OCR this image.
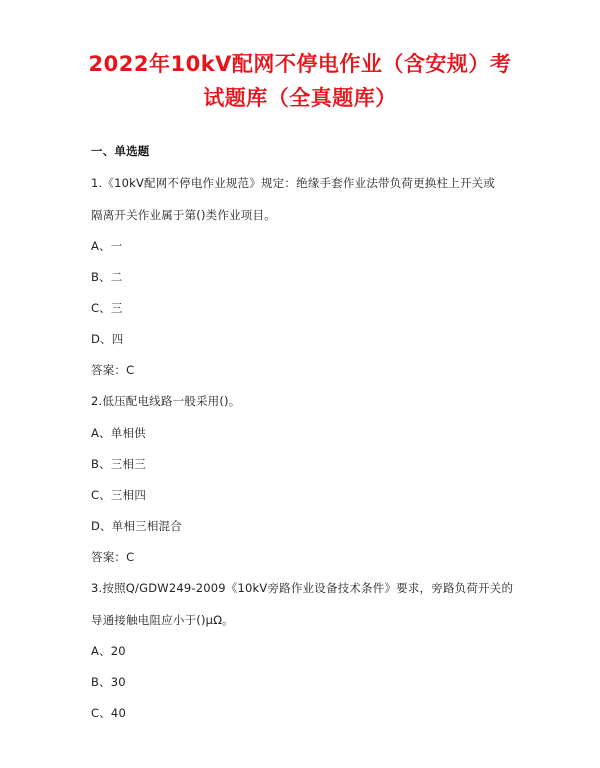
2022年10kV配网不停电作业（含安规）考
试题库（全真题库）
一、单选题
1.《10kV配网不停电作业规范》规定：绝缘手套作业法带负荷更换柱上开关或
隔离开关作业属于第()类作业项目。
A、一
B、二
C、三
D、四
答案：C
2.低压配电线路一般采用()。
A、单相供
B、三相三
C、三相四
D、单相三相混合
答案：C
3.按照Q/GDW249-2009《10kV旁路作业设备技术条件》要求，旁路负荷开关的
导通接触电阻应小于()μΩ。
A、20
B、30
C、40
